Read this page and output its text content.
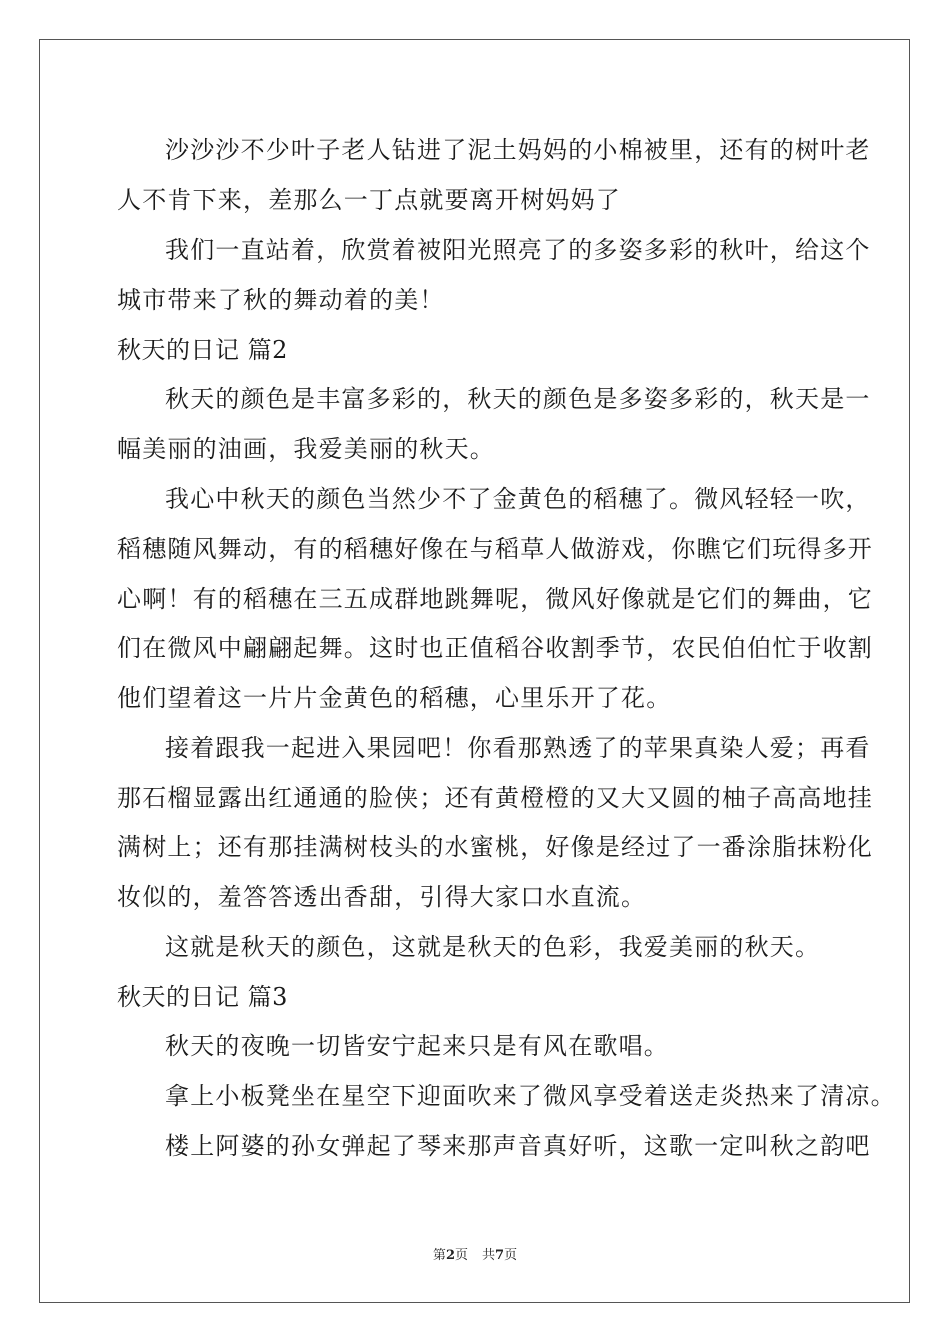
沙沙沙不少叶子老人钻进了泥土妈妈的小棉被里，还有的树叶老
人不肯下来，差那么一丁点就要离开树妈妈了
我们一直站着，欣赏着被阳光照亮了的多姿多彩的秋叶，给这个
城市带来了秋的舞动着的美！
秋天的日记 篇2
秋天的颜色是丰富多彩的，秋天的颜色是多姿多彩的，秋天是一
幅美丽的油画，我爱美丽的秋天。
我心中秋天的颜色当然少不了金黄色的稻穗了。微风轻轻一吹，
稻穗随风舞动，有的稻穗好像在与稻草人做游戏，你瞧它们玩得多开
心啊！有的稻穗在三五成群地跳舞呢，微风好像就是它们的舞曲，它
们在微风中翩翩起舞。这时也正值稻谷收割季节，农民伯伯忙于收割
他们望着这一片片金黄色的稻穗，心里乐开了花。
接着跟我一起进入果园吧！你看那熟透了的苹果真染人爱；再看
那石榴显露出红通通的脸侠；还有黄橙橙的又大又圆的柚子高高地挂
满树上；还有那挂满树枝头的水蜜桃，好像是经过了一番涂脂抹粉化
妆似的，羞答答透出香甜，引得大家口水直流。
这就是秋天的颜色，这就是秋天的色彩，我爱美丽的秋天。
秋天的日记 篇3
秋天的夜晚一切皆安宁起来只是有风在歌唱。
拿上小板凳坐在星空下迎面吹来了微风享受着送走炎热来了清凉。
楼上阿婆的孙女弹起了琴来那声音真好听，这歌一定叫秋之韵吧
第2页 共7页
